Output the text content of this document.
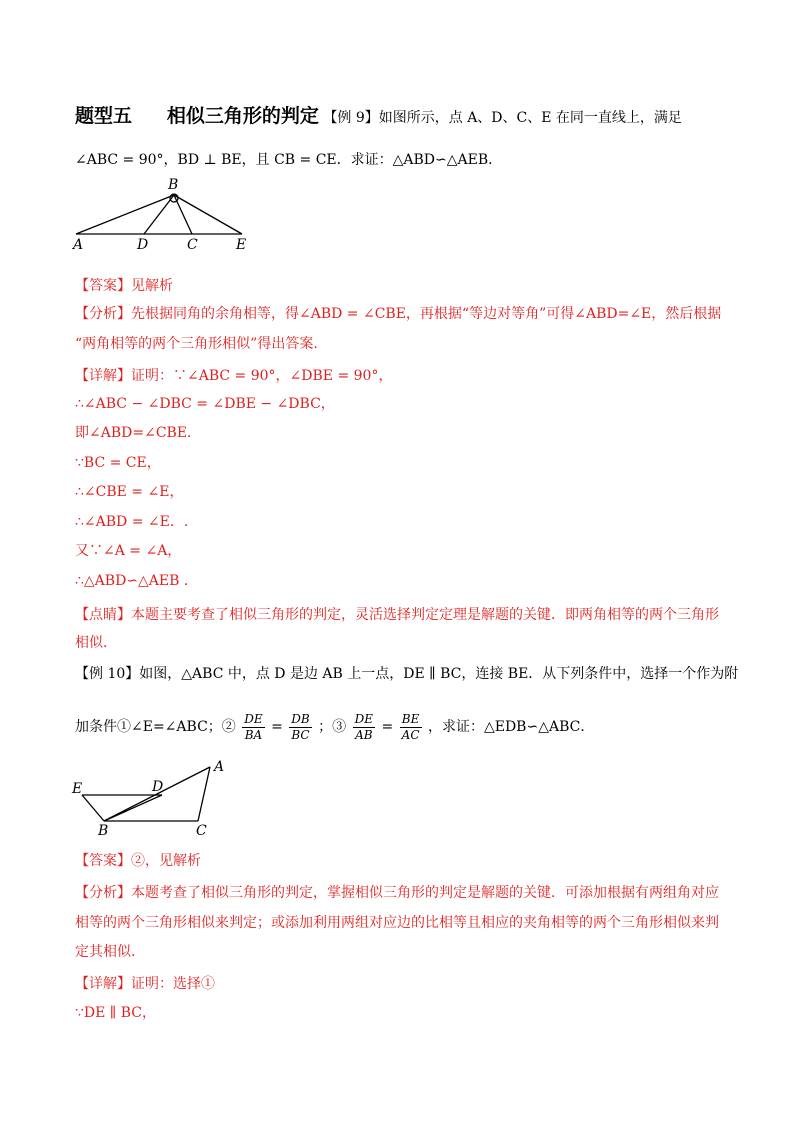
题型五 相似三角形的判定 【例 9】如图所示，点 A、D、C、E 在同一直线上，满足
∠ABC = 90°，BD ⊥ BE，且 CB = CE．求证：△ABD∽△AEB．
B
A	D	C	E
【答案】见解析
【分析】先根据同角的余角相等，得∠ABD = ∠CBE，再根据“等边对等角”可得∠ABD=∠E，然后根据
“两角相等的两个三角形相似”得出答案.
【详解】证明：∵∠ABC = 90°，∠DBE = 90°，
∴∠ABC − ∠DBC = ∠DBE − ∠DBC，
即∠ABD=∠CBE．
∵BC = CE，
∴∠CBE = ∠E，
∴∠ABD = ∠E．.
又∵∠A = ∠A，
∴△ABD∽△AEB ．
【点睛】本题主要考查了相似三角形的判定，灵活选择判定定理是解题的关键．即两角相等的两个三角形
相似.
【例 10】如图，△ABC 中，点 D 是边 AB 上一点，DE ∥ BC，连接 BE．从下列条件中，选择一个作为附
加条件①∠E=∠ABC；② $\frac{DE}{BA} = \frac{DB}{BC}$ ；③ $\frac{DE}{AB} = \frac{BE}{AC}$ ，求证：△EDB∽△ABC．
A
E	D
B	C
【答案】②，见解析
【分析】本题考查了相似三角形的判定，掌握相似三角形的判定是解题的关键．可添加根据有两组角对应
相等的两个三角形相似来判定；或添加利用两组对应边的比相等且相应的夹角相等的两个三角形相似来判
定其相似.
【详解】证明：选择①
∵DE ∥ BC，
